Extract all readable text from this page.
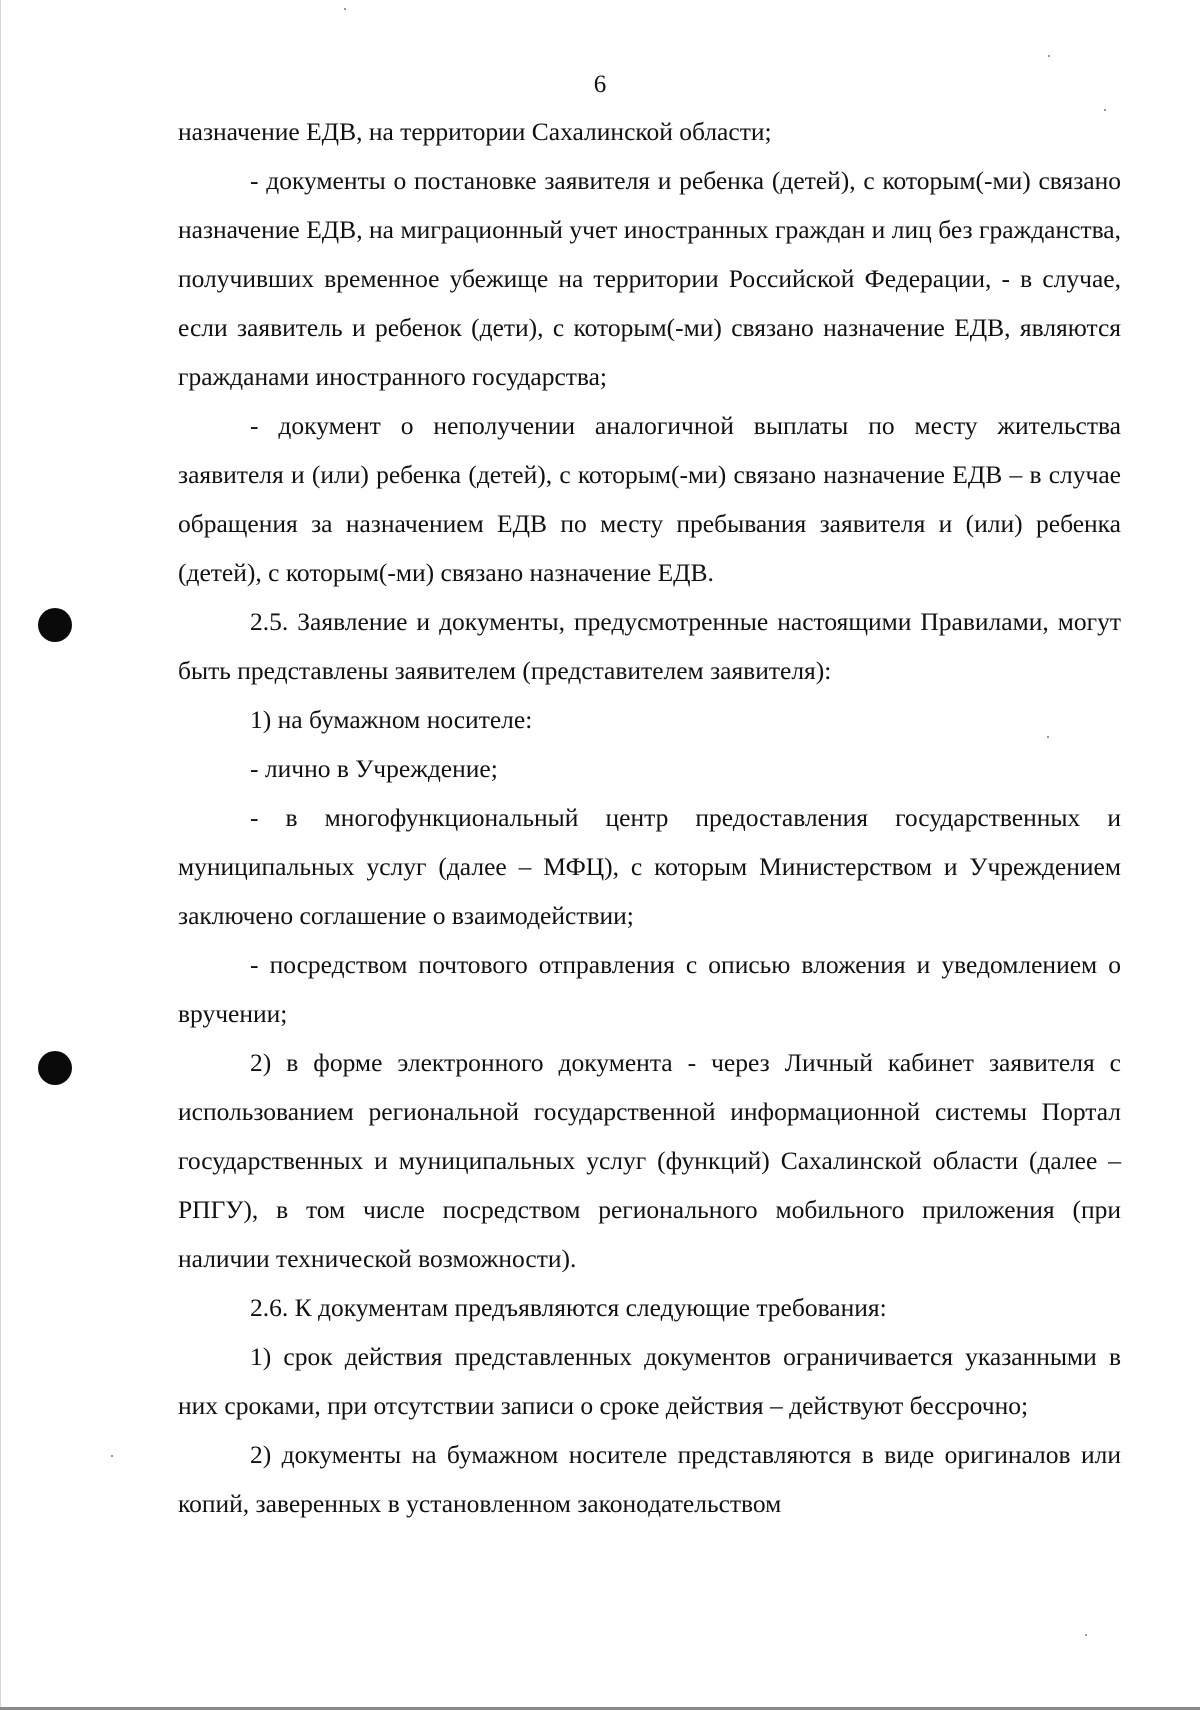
6

назначение ЕДВ, на территории Сахалинской области;

- документы о постановке заявителя и ребенка (детей), с которым(-ми) связано назначение ЕДВ, на миграционный учет иностранных граждан и лиц без гражданства, получивших временное убежище на территории Российской Федерации, - в случае, если заявитель и ребенок (дети), с которым(-ми) связано назначение ЕДВ, являются гражданами иностранного государства;

- документ о неполучении аналогичной выплаты по месту жительства заявителя и (или) ребенка (детей), с которым(-ми) связано назначение ЕДВ – в случае обращения за назначением ЕДВ по месту пребывания заявителя и (или) ребенка (детей), с которым(-ми) связано назначение ЕДВ.

2.5. Заявление и документы, предусмотренные настоящими Правилами, могут быть представлены заявителем (представителем заявителя):

1) на бумажном носителе:

- лично в Учреждение;

- в многофункциональный центр предоставления государственных и муниципальных услуг (далее – МФЦ), с которым Министерством и Учреждением заключено соглашение о взаимодействии;

- посредством почтового отправления с описью вложения и уведомлением о вручении;

2) в форме электронного документа - через Личный кабинет заявителя с использованием региональной государственной информационной системы Портал государственных и муниципальных услуг (функций) Сахалинской области (далее – РПГУ), в том числе посредством регионального мобильного приложения (при наличии технической возможности).

2.6. К документам предъявляются следующие требования:

1) срок действия представленных документов ограничивается указанными в них сроками, при отсутствии записи о сроке действия – действуют бессрочно;

2) документы на бумажном носителе представляются в виде оригиналов или копий, заверенных в установленном законодательством
